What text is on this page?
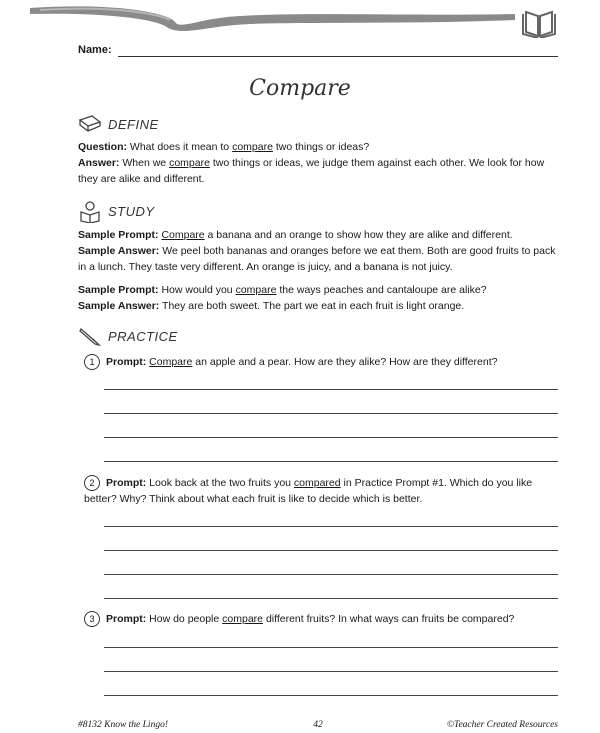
Name:
Compare
DEFINE
Question: What does it mean to compare two things or ideas?
Answer: When we compare two things or ideas, we judge them against each other. We look for how they are alike and different.
STUDY
Sample Prompt: Compare a banana and an orange to show how they are alike and different.
Sample Answer: We peel both bananas and oranges before we eat them. Both are good fruits to pack in a lunch. They taste very different. An orange is juicy, and a banana is not juicy.
Sample Prompt: How would you compare the ways peaches and cantaloupe are alike?
Sample Answer: They are both sweet. The part we eat in each fruit is light orange.
PRACTICE
1 Prompt: Compare an apple and a pear. How are they alike? How are they different?
2 Prompt: Look back at the two fruits you compared in Practice Prompt #1. Which do you like better? Why? Think about what each fruit is like to decide which is better.
3 Prompt: How do people compare different fruits? In what ways can fruits be compared?
#8132 Know the Lingo!	42	©Teacher Created Resources
